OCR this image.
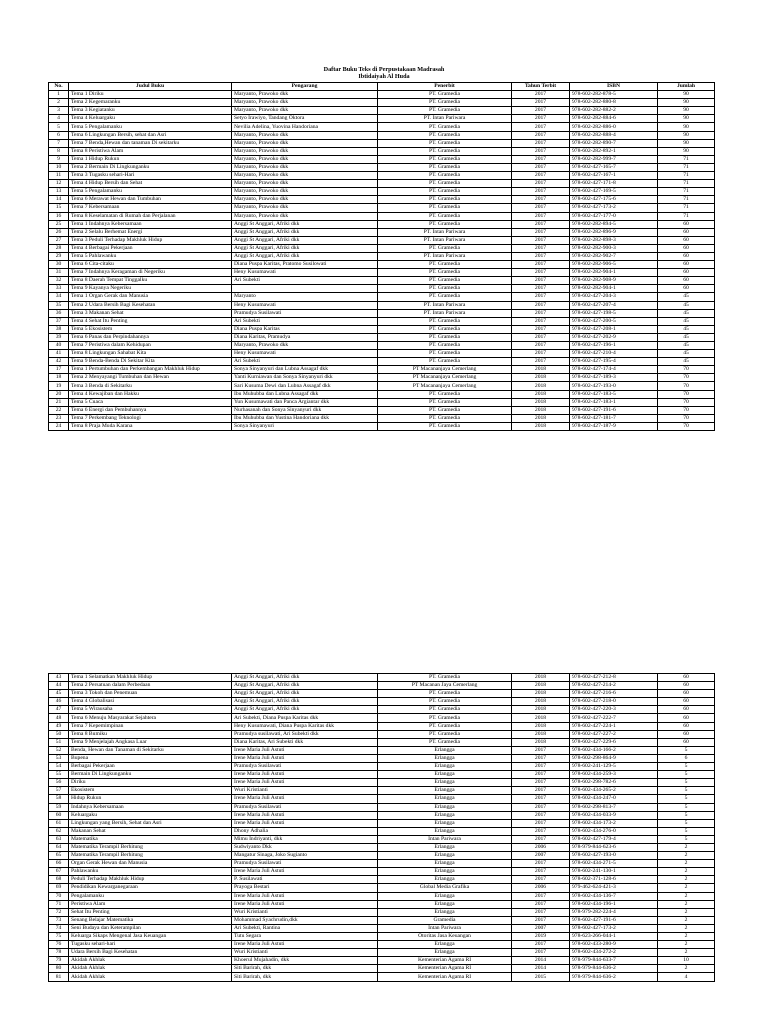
Daftar Buku Teks di Perpustakaan Madrasah
Ibtidaiyah Al Huda
No.	Judul Buku	Pengarang	Penerbit	Tahun Terbit	ISBN	Jumlah
1	Tema 1 Diriku	Maryanto, Prawoko dkk	PT. Gramedia	2017	978-602-282-878-5	90
2	Tema 2 Kegemaranku	Maryanto, Prawoko dkk	PT. Gramedia	2017	978-602-282-880-8	90
3	Tema 3 Kegiatanku	Maryanto, Prawoko dkk	PT. Gramedia	2017	978-602-282-882-2	90
4	Tema 4 Keluargaku	Setyo Irawiyo, Tandang Oktora	PT. Intan Pariwara	2017	978-602-282-884-6	90
5	Tema 5 Pengalamanku	Nevilia Adelina, Yuovina Handoriana	PT. Gramedia	2017	978-602-282-886-0	90
6	Tema 6 Lingkungan Bersih, sehat dan Asri	Maryanto, Prawoko dkk	PT. Gramedia	2017	978-602-282-888-4	90
7	Tema 7 Benda,Hewan dan tanaman Di sekitarku	Maryanto, Prawoko dkk	PT. Gramedia	2017	978-602-282-890-7	90
8	Tema 8 Peristiwa Alam	Maryanto, Prawoko dkk	PT. Gramedia	2017	978-602-282-892-1	90
9	Tema 1 Hidup Rukun	Maryanto, Prawoko dkk	PT. Gramedia	2017	978-602-282-999-7	71
10	Tema 2 Bermain Di Lingkunganku	Maryanto, Prawoko dkk	PT. Gramedia	2017	978-602-427-165-7	71
11	Tema 3 Tugasku sehari-Hari	Maryanto, Prawoko dkk	PT. Gramedia	2017	978-602-427-167-1	71
12	Tema 4 Hidup Bersih dan Sehat	Maryanto, Prawoko dkk	PT. Gramedia	2017	978-602-427-171-8	71
13	Tema 5 Pengalamanku	Maryanto, Prawoko dkk	PT. Gramedia	2017	978-602-427-169-5	71
14	Tema 6 Merawat Hewan dan Tumbuhan	Maryanto, Prawoko dkk	PT. Gramedia	2017	978-602-427-175-6	71
15	Tema 7 Kebersamaan	Maryanto, Prawoko dkk	PT. Gramedia	2017	978-602-427-173-2	71
16	Tema 8 Keselamatan di Rumah dan Perjalanan	Maryanto, Prawoko dkk	PT. Gramedia	2017	978-602-427-177-0	71
25	Tema 1 Indahnya Kebersamaan	Anggi St Anggari, Afriki dkk	PT. Gramedia	2017	978-602-282-894-5	60
26	Tema 2 Selalu Berhemat Energi	Anggi St Anggari, Afriki dkk	PT. Intan Pariwara	2017	978-602-282-896-9	60
27	Tema 3 Peduli Terhadap Makhluk Hidup	Anggi St Anggari, Afriki dkk	PT. Intan Pariwara	2017	978-602-282-898-3	60
28	Tema 4 Berbagai Pekerjaan	Anggi St Anggari, Afriki dkk	PT. Gramedia	2017	978-602-282-900-3	60
29	Tema 5 Pahlawanku	Anggi St Anggari, Afriki dkk	PT. Intan Pariwara	2017	978-602-282-902-7	60
30	Tema 6 Cita-citaku	Diana Puspa Karitas, Pratomo Susilowati	PT. Gramedia	2017	978-602-282-906-5	60
31	Tema 7 Indahnya Keragaman di Negeriku	Heny Kusumawati	PT. Gramedia	2017	978-602-282-904-1	60
32	Tema 8 Daerah Tempat Tinggalku	Ari Subekti	PT. Gramedia	2017	978-602-282-908-9	60
33	Tema 9 Kayanya Negeriku		PT. Gramedia	2017	978-602-282-904-1	60
34	Tema 1 Organ Gerak dan Manusia	Maryanto	PT. Gramedia	2017	978-602-427-204-3	45
35	Tema 2 Udara Bersih Bagi Kesehatan	Heny Kusumawati	PT. Intan Pariwara	2017	978-602-427-207-4	45
36	Tema 3 Makanan Sehat	Pramudya Susilawati	PT. Intan Pariwara	2017	978-602-427-198-5	45
37	Tema 4 Sehat Itu Penting	Ari Subekti	PT. Gramedia	2017	978-602-427-200-5	45
38	Tema 5 Ekosistem	Diana Puspa Karitas	PT. Gramedia	2017	978-602-427-208-1	45
39	Tema 6 Panas dan Perpindahannya	Diana Karitas, Pramudya	PT. Gramedia	2017	978-602-427-202-9	45
40	Tema 7 Peristiwa dalam Kehidupan	Maryanto, Prawoko dkk	PT. Gramedia	2017	978-602-427-196-1	45
41	Tema 8 Lingkungan Sahabat Kita	Heny Kusumawati	PT. Gramedia	2017	978-602-427-210-4	45
42	Tema 9 Benda-Benda Di Sekitar Kita	Ari Subekti	PT. Gramedia	2017	978-602-427-195-4	45
17	Tema 1 Pertumbuhan dan Perkembangan Makhluk Hidup	Sonya Sinyanyuri dan Lubna Assagaf dkk	PT Macananjaya Cemerlang	2018	978-602-427-174-4	70
18	Tema 2 Menyayangi Tumbuhan dan Hewan	Yanti Kurniawan dan Sonya Sinyanyuri dkk	PT Macananjaya Cemerlang	2018	978-602-427-189-3	70
19	Tema 3 Benda di Sekitarku	Sari Kusuma Dewi dan Lubna Assagaf dkk	PT Macananjaya Cemerlang	2018	978-602-427-193-0	70
20	Tema 4 Kewajiban dan Hakku	Ibu Muhubba dan Lubna Assagaf dkk	PT. Gramedia	2018	978-602-427-183-5	70
21	Tema 5 Cuaca	Yun Kusumawati dan Panca Argiantar dkk	PT. Gramedia	2018	978-602-427-183-1	70
22	Tema 6 Energi dan Pembuhannya	Nurhasanah dan Sonya Sinyanyuri dkk	PT. Gramedia	2018	978-602-427-191-6	70
23	Tema 7 Perkembang Teknologi	Ibu Muhubba dan Yustina Handoriana dkk	PT. Gramedia	2018	978-602-427-181-7	70
24	Tema 8 Praja Muda Karana	Sonya Sinyanyuri	PT. Gramedia	2018	978-602-427-187-9	70
43	Tema 1 Selamatkan Makhluk Hidup	Anggi St Anggari, Afriki dkk	PT. Gramedia	2018	978-602-427-212-8	60
44	Tema 2 Persatuan dalam Perbedaan	Anggi St Anggari, Afriki dkk	PT Macanan Jaya Cemerlang	2018	978-602-427-214-2	60
45	Tema 3 Tokoh dan Penemuan	Anggi St Anggari, Afriki dkk	PT. Gramedia	2018	978-602-427-216-6	60
46	Tema 4 Globalisasi	Anggi St Anggari, Afriki dkk	PT. Gramedia	2018	978-602-427-218-0	60
47	Tema 5 Wirausaha	Anggi St Anggari, Afriki dkk	PT. Gramedia	2018	978-602-427-220-3	60
48	Tema 6 Menuju Masyarakat Sejahtera	Ari Subekti, Diana Puspa Karitas dkk	PT. Gramedia	2018	978-602-427-222-7	60
49	Tema 7 Kepemimpinan	Heny Kusumawati, Diana Puspa Karitas dkk	PT. Gramedia	2018	978-602-427-224-1	60
50	Tema 8 Bumiku	Pramudya susilawati, Ari Subekti dkk	PT. Gramedia	2018	978-602-427-227-2	60
51	Tema 9 Menjelajah Angkasa Luar	Diana Karitas, Ari Subekti dkk	PT. Gramedia	2018	978-602-427-229-6	60
52	Benda, Hewan dan Tanaman di Sekitarku	Irene Maria Juli Astuti	Erlangga	2017	978-602-434-166-2	5
53	Bupena	Irene Maria Juli Astuti	Erlangga	2017	978-602-298-864-9	6
54	Berbagai Pekerjaan	Pramudya Susilawati	Erlangga	2017	978-602-241-129-5	5
55	Bermain Di Lingkunganku	Irene Maria Juli Astuti	Erlangga	2017	978-602-434-259-3	5
56	Diriku	Irene Maria Juli Astuti	Erlangga	2017	978-602-298-782-6	5
57	Ekosistem	Wuri Kristianti	Erlangga	2017	978-602-434-265-2	5
58	Hidup Rukun	Irene Maria Juli Astuti	Erlangga	2017	978-602-434-247-0	5
59	Indahnya Kebersamaan	Pramudya Susilawati	Erlangga	2017	978-602-298-813-7	5
60	Keluargaku	Irene Maria Juli Astuti	Erlangga	2017	978-602-434-033-9	5
61	Lingkungan yang Bersih, Sehat dan Asri	Irene Maria Juli Astuti	Erlangga	2017	978-602-434-173-2	5
62	Makanan Sehat	Dhony Adhalia	Erlangga	2017	978-602-434-276-0	5
63	Matematika	Mimu Indriyanti, dkk	Intan Pariwara	2017	978-602-427-179-4	5
64	Matematika Terampil Berhitung	Sudwiyanto Dkk	Erlangga	2006	978-979-844-623-6	2
65	Matematika Terampil Berhitung	Mangatur Sinaga, Joko Sugianto	Erlangga	2007	978-602-427-193-0	2
66	Organ Gerak Hewan dan Manusia	Pramudya Susilawati	Erlangga	2017	978-602-434-271-5	2
67	Pahlawanku	Irene Maria Juli Astuti	Erlangga	2017	978-602-241-130-1	2
68	Peduli Terhadap Makhluk Hidup	P. Susilawati	Erlangga	2017	978-602-371-128-6	2
69	Pendidikan Kewarganegaraan	Prayoga Bestari	Global Media Grafika	2006	979-462-624-421-3	2
70	Pengalamanku	Irene Maria Juli Astuti	Erlangga	2017	978-602-434-136-7	2
71	Peristiwa Alam	Irene Maria Juli Astuti	Erlangga	2017	978-602-434-196-1	2
72	Sehat Itu Penting	Wuri Kristianti	Erlangga	2017	978-979-282-224-4	2
73	Senang Belajar Matematika	Mohammad Syachrudin,dkk	Gramedia	2017	978-602-427-191-6	2
74	Seni Budaya dan Keterampilan	Ari Subekti, Rantina	Intan Pariwara	2007	978-602-427-173-2	2
75	Keluarga Sikaps Mengenal Jasa Keuangan	Tutu Segara	Otoritas Jasa Keuangan	2019	978-623-266-044-1	2
76	Tugasku sehari-hari	Irene Maria Juli Astuti	Erlangga	2017	978-602-433-280-9	2
78	Udara Bersih Bagi Kesehatan	Wuri Kristianti	Erlangga	2017	978-602-434-272-2	2
79	Akidah Akhlak	Khoerul Mujahadin, dkk	Kementerian Agama RI	2014	978-979-844-633-7	10
80	Akidah Akhlak	Siti Barirah, dkk	Kementerian Agama RI	2014	978-979-844-636-2	2
81	Akidah Akhlak	Siti Barirah, dkk	Kementerian Agama RI	2015	978-979-844-636-2	4
